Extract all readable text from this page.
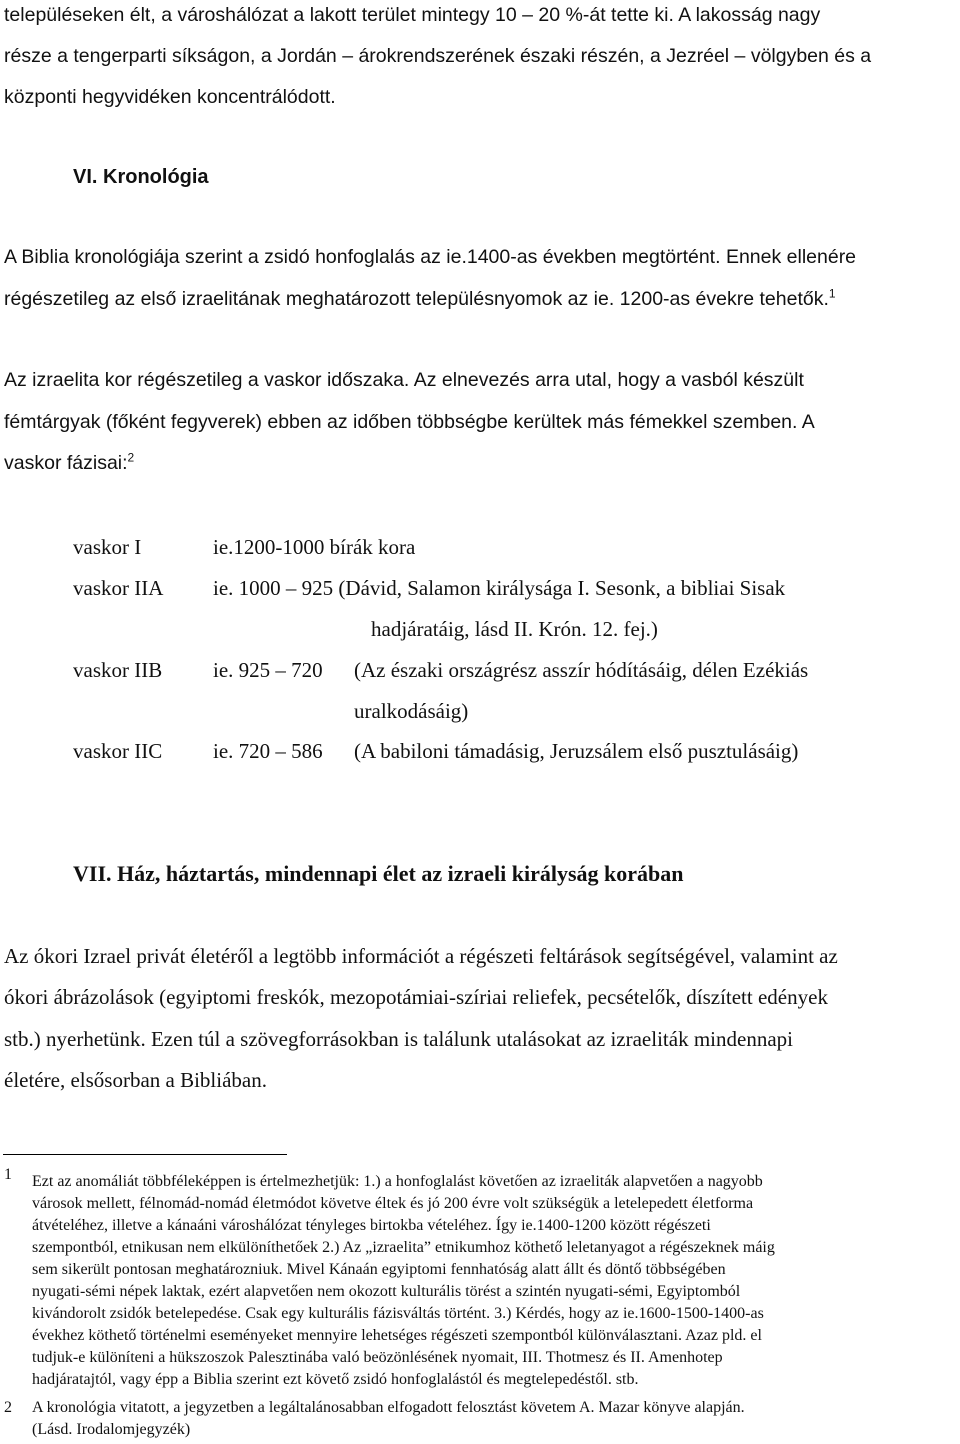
településeken élt, a városhálózat a lakott terület mintegy 10 – 20 %-át tette ki. A lakosság nagy
része a tengerparti síkságon, a Jordán – árokrendszerének északi részén, a Jezréel – völgyben és a
központi hegyvidéken koncentrálódott.
VI. Kronológia
A Biblia kronológiája szerint a zsidó honfoglalás az ie.1400-as években megtörtént. Ennek ellenére
régészetileg az első izraelitának meghatározott településnyomok az ie. 1200-as évekre tehetők.$^1$
Az izraelita kor régészetileg a vaskor időszaka. Az elnevezés arra utal, hogy a vasból készült
fémtárgyak (főként fegyverek) ebben az időben többségbe kerültek más fémekkel szemben. A
vaskor fázisai:$^2$
vaskor I	ie.1200-1000 bírák kora
vaskor IIA ie. 1000 – 925 (Dávid, Salamon királysága I. Sesonk, a bibliai Sisak
hadjáratáig, lásd II. Krón. 12. fej.)
vaskor IIB ie. 925 – 720 (Az északi országrész asszír hódításáig, délen Ezékiás
uralkodásáig)
vaskor IIC ie. 720 – 586 (A babiloni támadásig, Jeruzsálem első pusztulásáig)
VII. Ház, háztartás, mindennapi élet az izraeli királyság korában
Az ókori Izrael privát életéről a legtöbb információt a régészeti feltárások segítségével, valamint az
ókori ábrázolások (egyiptomi freskók, mezopotámiai-szíriai reliefek, pecsételők, díszített edények
stb.) nyerhetünk. Ezen túl a szövegforrásokban is találunk utalásokat az izraeliták mindennapi
életére, elsősorban a Bibliában.
1 Ezt az anomáliát többféleképpen is értelmezhetjük: 1.) a honfoglalást követően az izraeliták alapvetően a nagyobb
városok mellett, félnomád-nomád életmódot követve éltek és jó 200 évre volt szükségük a letelepedett életforma
átvételéhez, illetve a kánaáni városhálózat tényleges birtokba vételéhez. Így ie.1400-1200 között régészeti
szempontból, etnikusan nem elkülöníthetőek 2.) Az „izraelita” etnikumhoz köthető leletanyagot a régészeknek máig
sem sikerült pontosan meghatározniuk. Mivel Kánaán egyiptomi fennhatóság alatt állt és döntő többségében
nyugati-sémi népek laktak, ezért alapvetően nem okozott kulturális törést a szintén nyugati-sémi, Egyiptomból
kivándorolt zsidók betelepedése. Csak egy kulturális fázisváltás történt. 3.) Kérdés, hogy az ie.1600-1500-1400-as
évekhez köthető történelmi eseményeket mennyire lehetséges régészeti szempontból különválasztani. Azaz pld. el
tudjuk-e különíteni a hükszoszok Palesztinába való beözönlésének nyomait, III. Thotmesz és II. Amenhotep
hadjáratajtól, vagy épp a Biblia szerint ezt követő zsidó honfoglalástól és megtelepedéstől. stb.
2 A kronológia vitatott, a jegyzetben a legáltalánosabban elfogadott felosztást követem A. Mazar könyve alapján.
(Lásd. Irodalomjegyzék)
